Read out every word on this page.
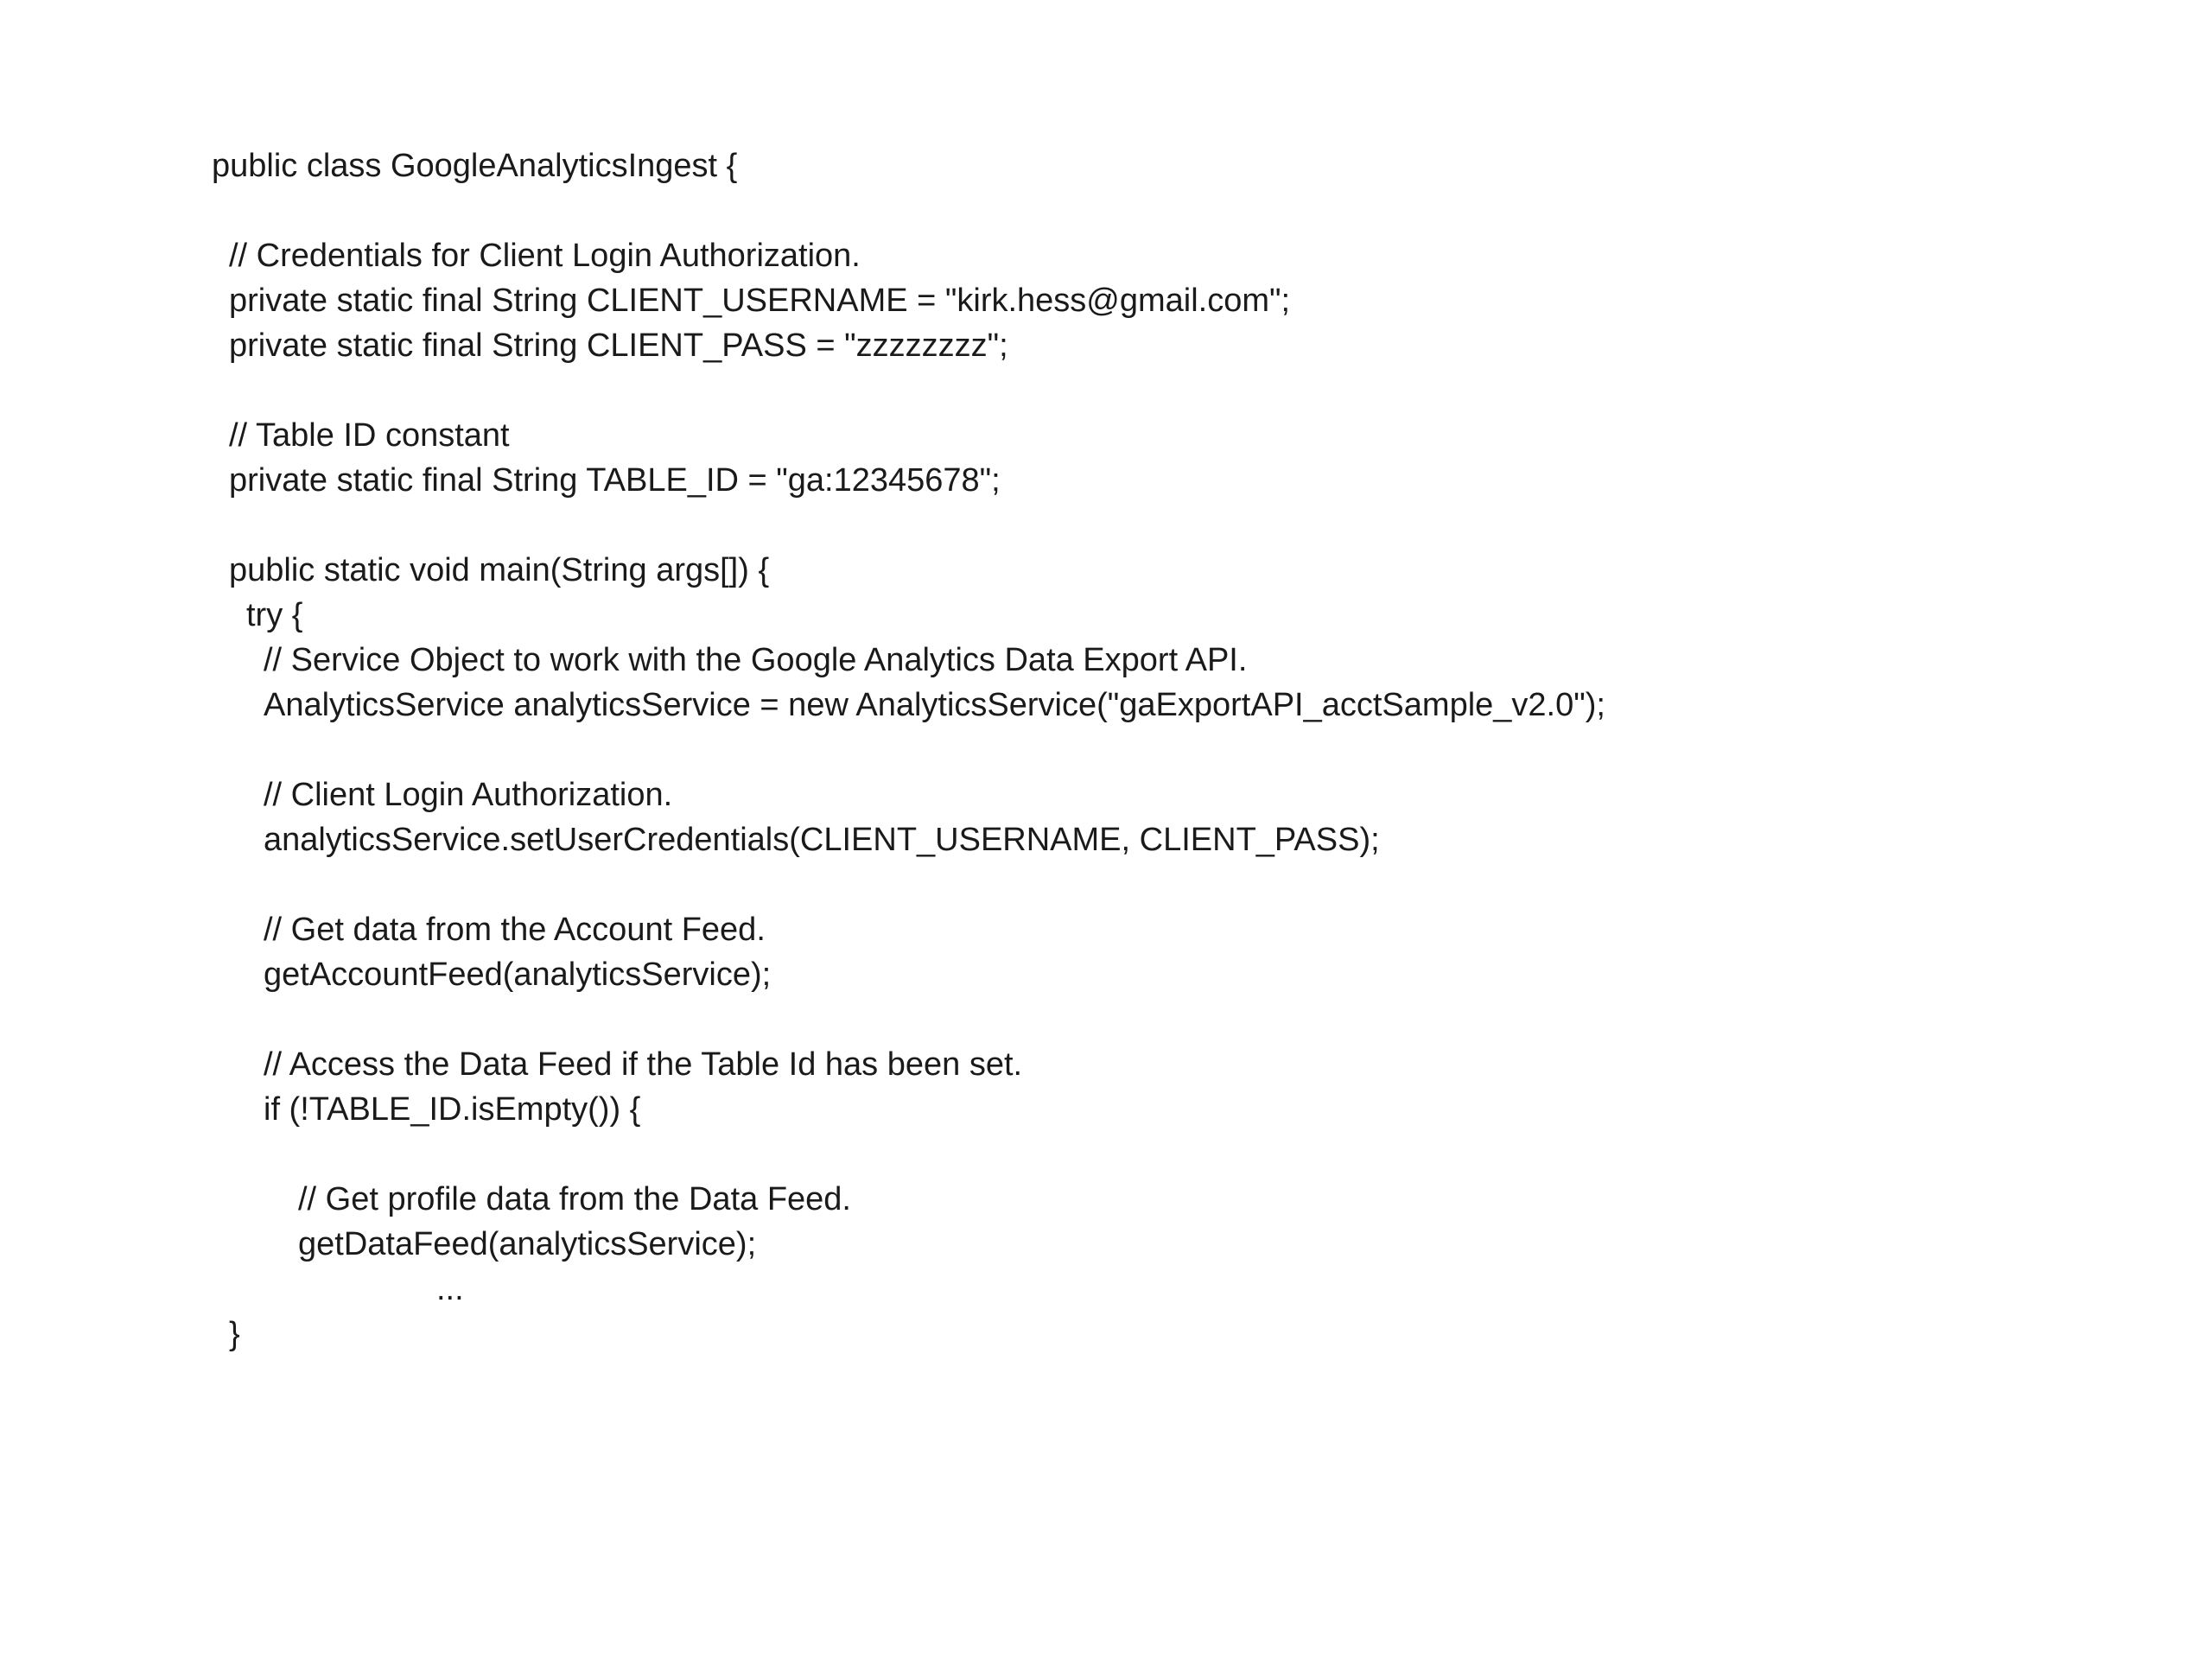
public class GoogleAnalyticsIngest {
// Credentials for Client Login Authorization.
private static final String CLIENT_USERNAME = "kirk.hess@gmail.com";
private static final String CLIENT_PASS = "zzzzzzzz";
// Table ID constant
private static final String TABLE_ID = "ga:12345678";
public static void main(String args[]) {
try {
// Service Object to work with the Google Analytics Data Export API.
AnalyticsService analyticsService = new AnalyticsService("gaExportAPI_acctSample_v2.0");
// Client Login Authorization.
analyticsService.setUserCredentials(CLIENT_USERNAME, CLIENT_PASS);
// Get data from the Account Feed.
getAccountFeed(analyticsService);
// Access the Data Feed if the Table Id has been set.
if (!TABLE_ID.isEmpty()) {
// Get profile data from the Data Feed.
getDataFeed(analyticsService);
...
}
